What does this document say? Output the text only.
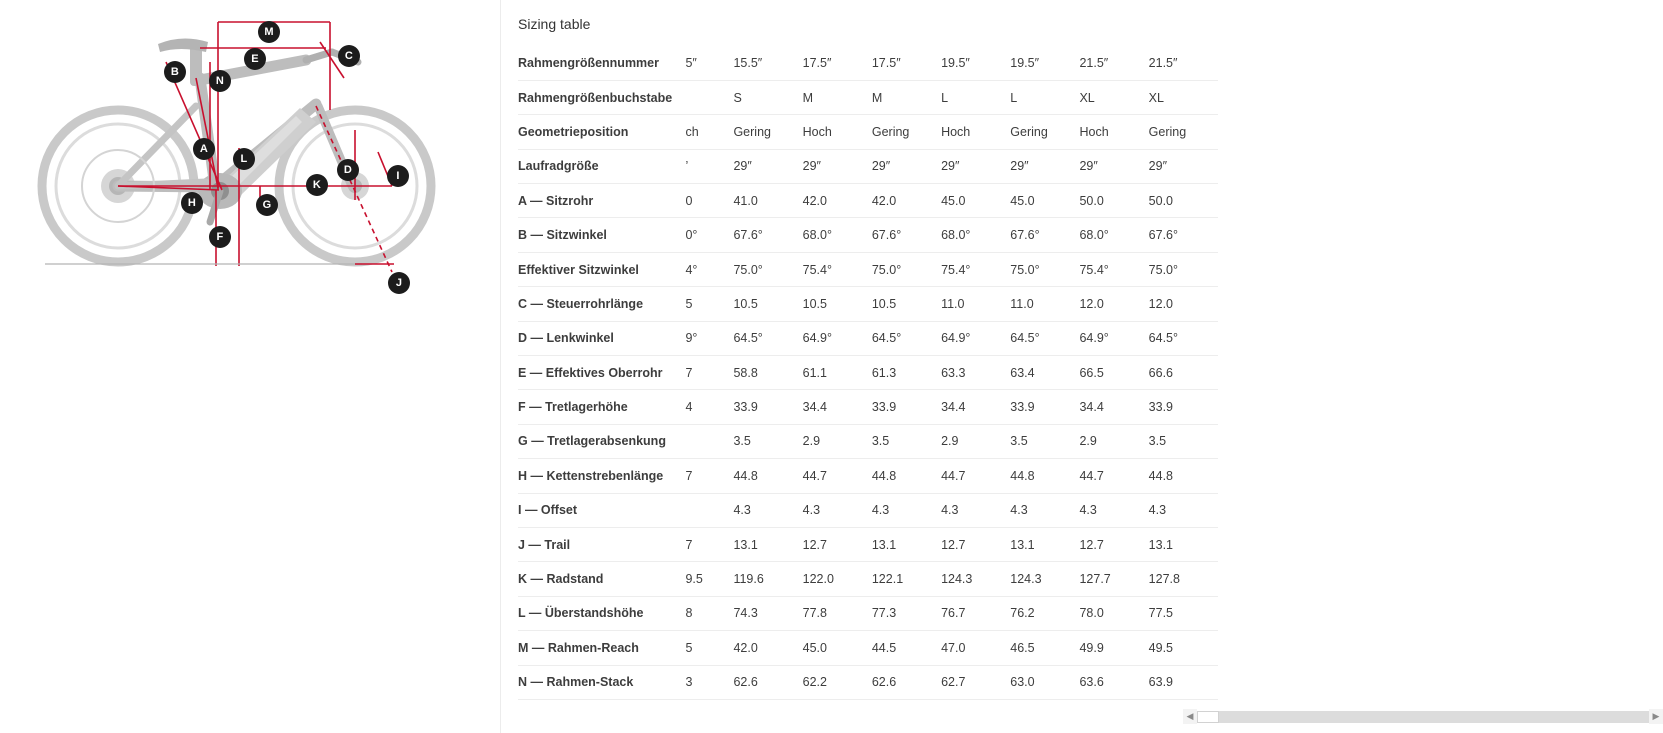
M
E	C
B
N
A
L
D	I
K
H	G
F
J
Sizing table
Rahmengrößennummer	5″	15.5″	17.5″	17.5″	19.5″	19.5″	21.5″	21.5″
Rahmengrößenbuchstabe		S	M	M	L	L	XL	XL
Geometrieposition	ch	Gering	Hoch	Gering	Hoch	Gering	Hoch	Gering
Laufradgröße	’	29″	29″	29″	29″	29″	29″	29″
A — Sitzrohr	0	41.0	42.0	42.0	45.0	45.0	50.0	50.0
B — Sitzwinkel	0°	67.6°	68.0°	67.6°	68.0°	67.6°	68.0°	67.6°
Effektiver Sitzwinkel	4°	75.0°	75.4°	75.0°	75.4°	75.0°	75.4°	75.0°
C — Steuerrohrlänge	5	10.5	10.5	10.5	11.0	11.0	12.0	12.0
D — Lenkwinkel	9°	64.5°	64.9°	64.5°	64.9°	64.5°	64.9°	64.5°
E — Effektives Oberrohr	7	58.8	61.1	61.3	63.3	63.4	66.5	66.6
F — Tretlagerhöhe	4	33.9	34.4	33.9	34.4	33.9	34.4	33.9
G — Tretlagerabsenkung		3.5	2.9	3.5	2.9	3.5	2.9	3.5
H — Kettenstrebenlänge	7	44.8	44.7	44.8	44.7	44.8	44.7	44.8
I — Offset		4.3	4.3	4.3	4.3	4.3	4.3	4.3
J — Trail	7	13.1	12.7	13.1	12.7	13.1	12.7	13.1
K — Radstand	9.5	119.6	122.0	122.1	124.3	124.3	127.7	127.8
L — Überstandshöhe	8	74.3	77.8	77.3	76.7	76.2	78.0	77.5
M — Rahmen-Reach	5	42.0	45.0	44.5	47.0	46.5	49.9	49.5
N — Rahmen-Stack	3	62.6	62.2	62.6	62.7	63.0	63.6	63.9
◀	▶
